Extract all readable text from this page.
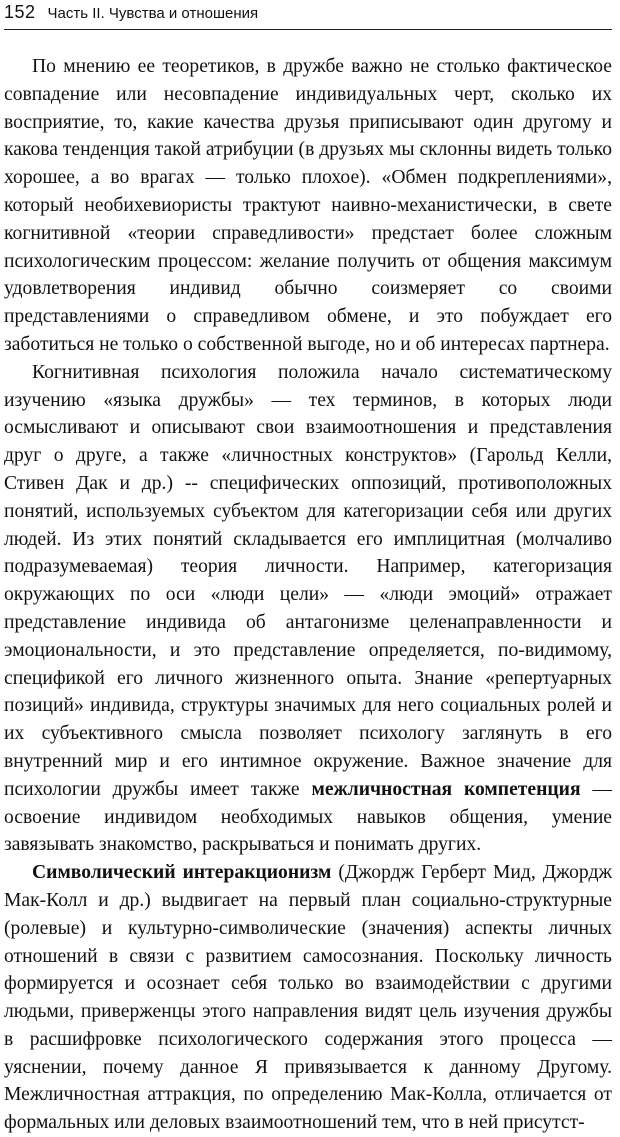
152 Часть II. Чувства и отношения

По мнению ее теоретиков, в дружбе важно не столько фактическое совпадение или несовпадение индивидуальных черт, сколько их восприятие, то, какие качества друзья приписывают один другому и какова тенденция такой атрибуции (в друзьях мы склонны видеть только хорошее, а во врагах — только плохое). «Обмен подкреплениями», который необихевиористы трактуют наивно-механистически, в свете когнитивной «теории справедливости» предстает более сложным психологическим процессом: желание получить от общения максимум удовлетворения индивид обычно соизмеряет со своими представлениями о справедливом обмене, и это побуждает его заботиться не только о собственной выгоде, но и об интересах партнера.

Когнитивная психология положила начало систематическому изучению «языка дружбы» — тех терминов, в которых люди осмысливают и описывают свои взаимоотношения и представления друг о друге, а также «личностных конструктов» (Гарольд Келли, Стивен Дак и др.) -- специфических оппозиций, противоположных понятий, используемых субъектом для категоризации себя или других людей. Из этих понятий складывается его имплицитная (молчаливо подразумеваемая) теория личности. Например, категоризация окружающих по оси «люди цели» — «люди эмоций» отражает представление индивида об антагонизме целенаправленности и эмоциональности, и это представление определяется, по-видимому, спецификой его личного жизненного опыта. Знание «репертуарных позиций» индивида, структуры значимых для него социальных ролей и их субъективного смысла позволяет психологу заглянуть в его внутренний мир и его интимное окружение. Важное значение для психологии дружбы имеет также межличностная компетенция — освоение индивидом необходимых навыков общения, умение завязывать знакомство, раскрываться и понимать других.

Символический интеракционизм (Джордж Герберт Мид, Джордж Мак-Колл и др.) выдвигает на первый план социально-структурные (ролевые) и культурно-символические (значения) аспекты личных отношений в связи с развитием самосознания. Поскольку личность формируется и осознает себя только во взаимодействии с другими людьми, приверженцы этого направления видят цель изучения дружбы в расшифровке психологического содержания этого процесса — уяснении, почему данное Я привязывается к данному Другому. Межличностная аттракция, по определению Мак-Колла, отличается от формальных или деловых взаимоотношений тем, что в ней присутст-
